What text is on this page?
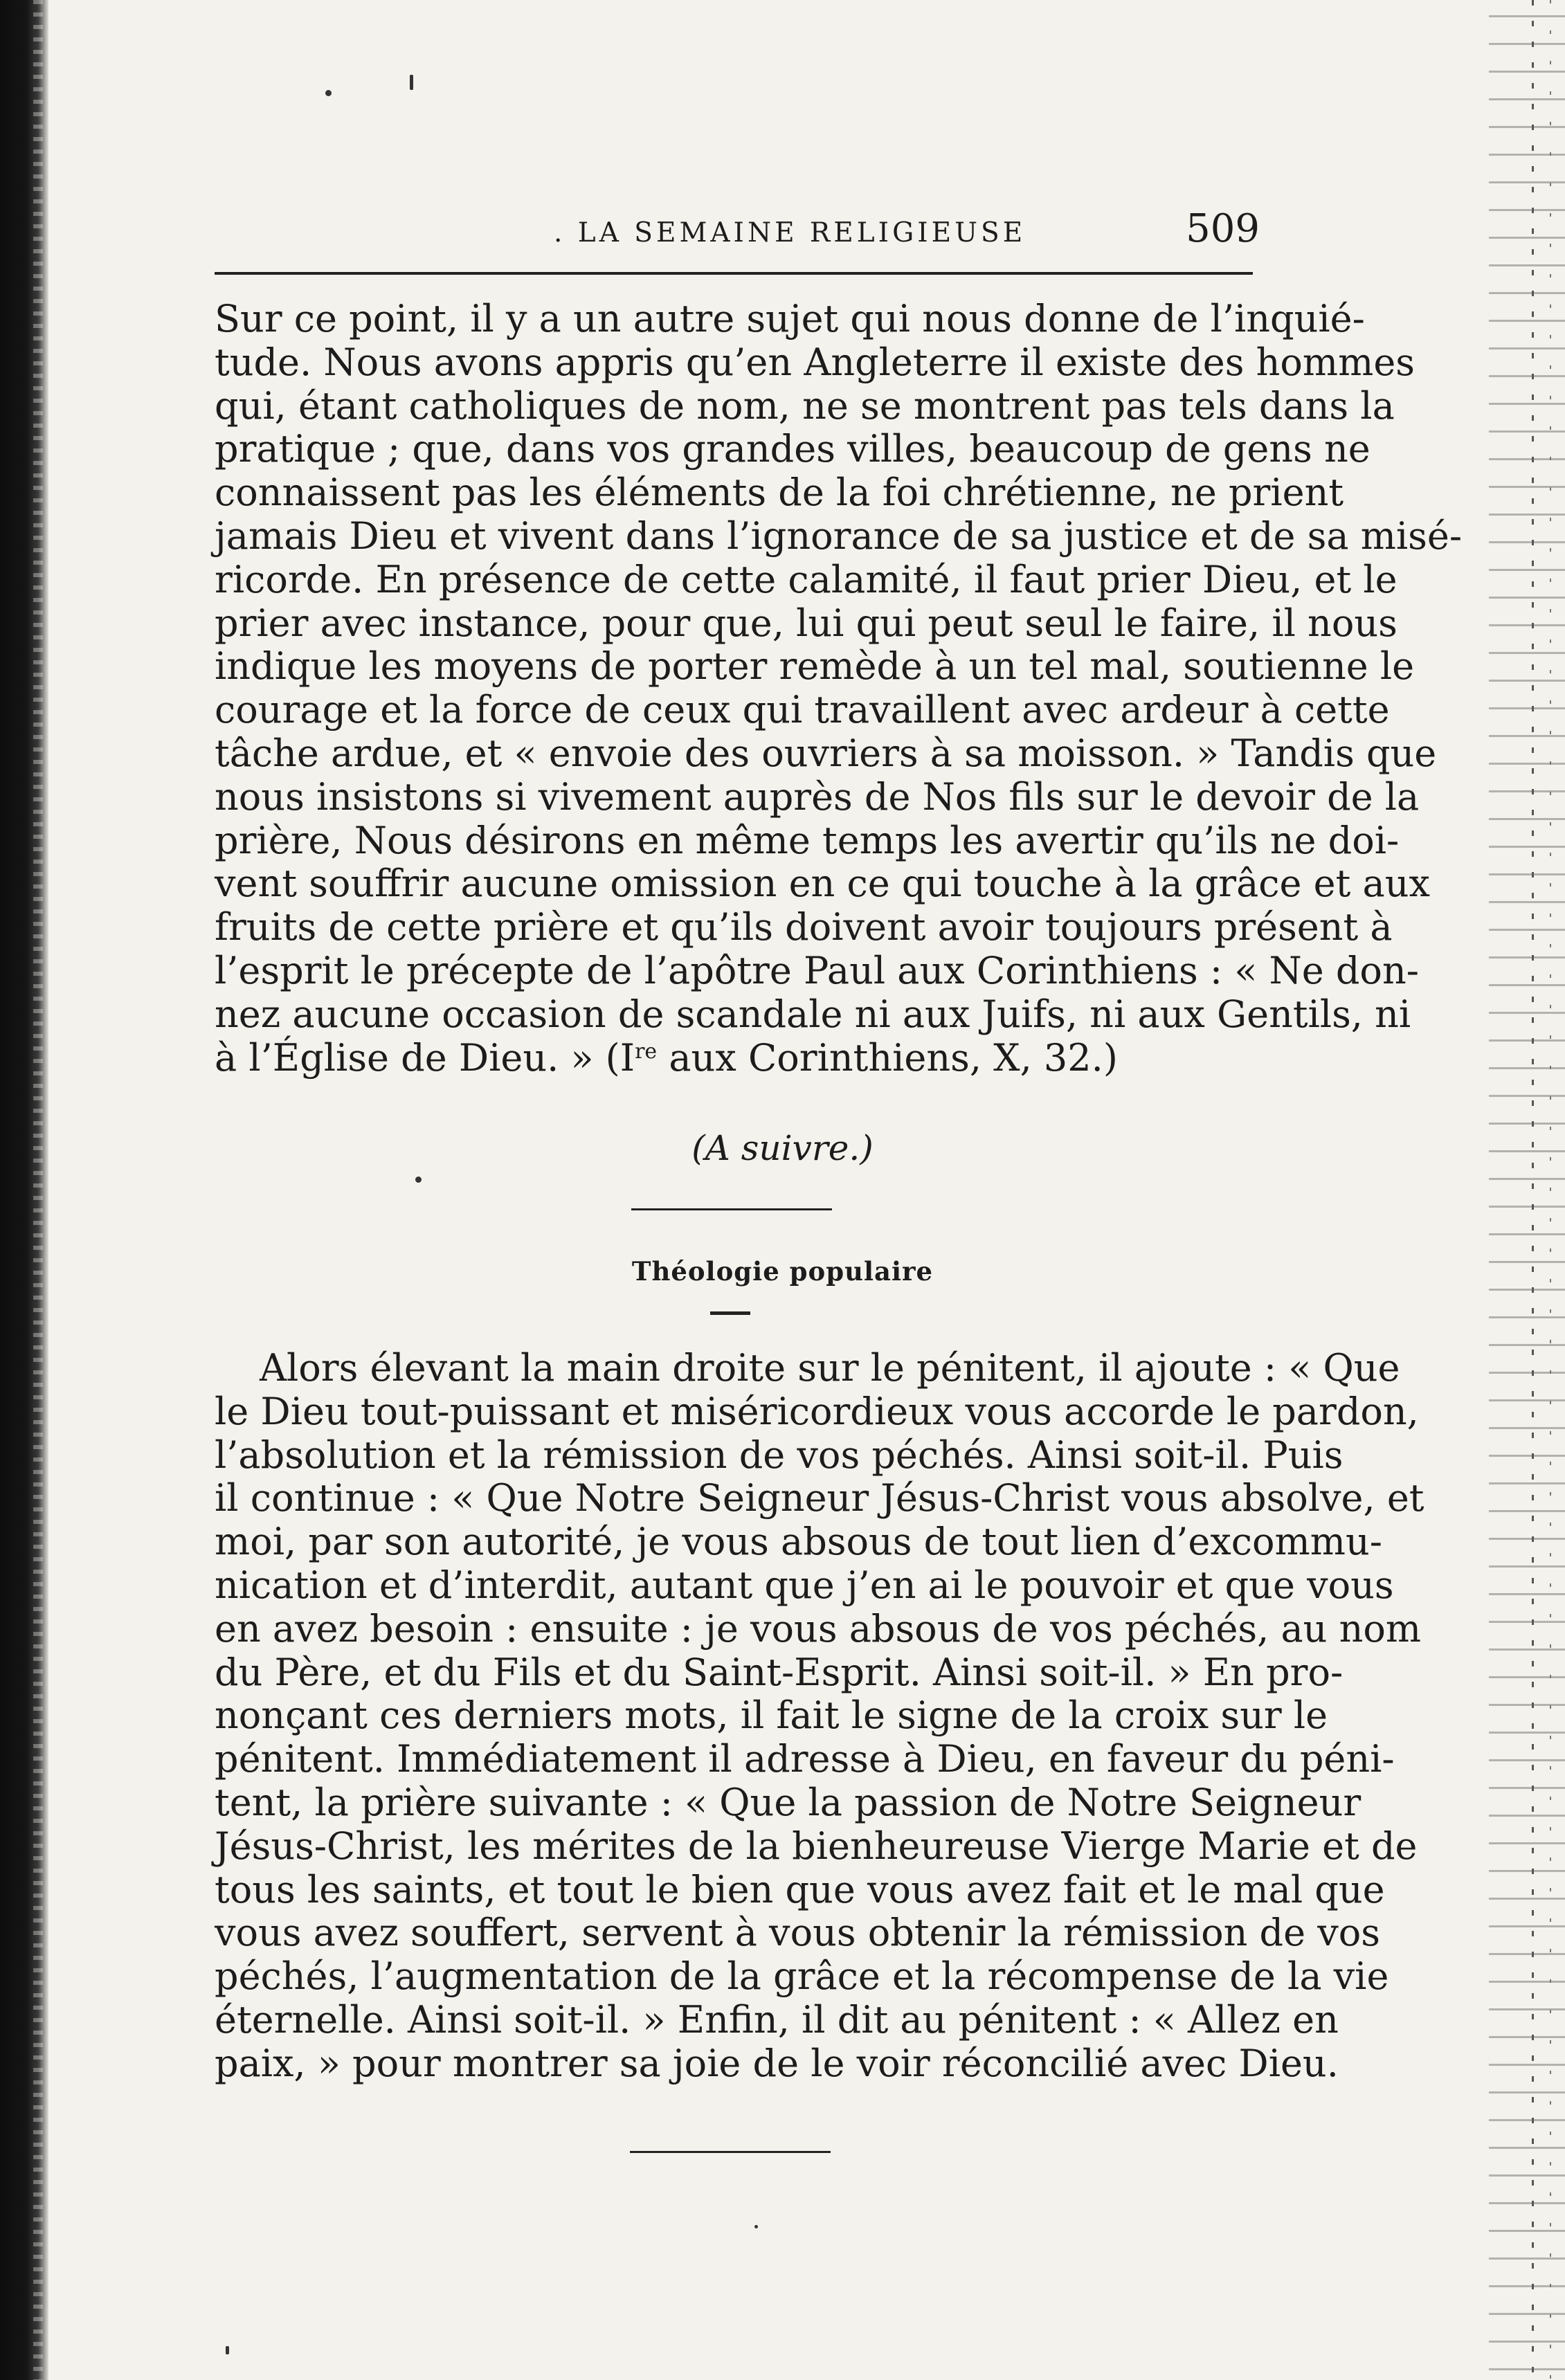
. LA SEMAINE RELIGIEUSE	509
Sur ce point, il y a un autre sujet qui nous donne de l’inquié-
tude. Nous avons appris qu’en Angleterre il existe des hommes
qui, étant catholiques de nom, ne se montrent pas tels dans la
pratique ; que, dans vos grandes villes, beaucoup de gens ne
connaissent pas les éléments de la foi chrétienne, ne prient
jamais Dieu et vivent dans l’ignorance de sa justice et de sa misé-
ricorde. En présence de cette calamité, il faut prier Dieu, et le
prier avec instance, pour que, lui qui peut seul le faire, il nous
indique les moyens de porter remède à un tel mal, soutienne le
courage et la force de ceux qui travaillent avec ardeur à cette
tâche ardue, et « envoie des ouvriers à sa moisson. » Tandis que
nous insistons si vivement auprès de Nos fils sur le devoir de la
prière, Nous désirons en même temps les avertir qu’ils ne doi-
vent souffrir aucune omission en ce qui touche à la grâce et aux
fruits de cette prière et qu’ils doivent avoir toujours présent à
l’esprit le précepte de l’apôtre Paul aux Corinthiens : « Ne don-
nez aucune occasion de scandale ni aux Juifs, ni aux Gentils, ni
à l’Église de Dieu. » (Ire aux Corinthiens, X, 32.)
(A suivre.)
Théologie populaire
Alors élevant la main droite sur le pénitent, il ajoute : « Que
le Dieu tout-puissant et miséricordieux vous accorde le pardon,
l’absolution et la rémission de vos péchés. Ainsi soit-il. Puis
il continue : « Que Notre Seigneur Jésus-Christ vous absolve, et
moi, par son autorité, je vous absous de tout lien d’excommu-
nication et d’interdit, autant que j’en ai le pouvoir et que vous
en avez besoin : ensuite : je vous absous de vos péchés, au nom
du Père, et du Fils et du Saint-Esprit. Ainsi soit-il. » En pro-
nonçant ces derniers mots, il fait le signe de la croix sur le
pénitent. Immédiatement il adresse à Dieu, en faveur du péni-
tent, la prière suivante : « Que la passion de Notre Seigneur
Jésus-Christ, les mérites de la bienheureuse Vierge Marie et de
tous les saints, et tout le bien que vous avez fait et le mal que
vous avez souffert, servent à vous obtenir la rémission de vos
péchés, l’augmentation de la grâce et la récompense de la vie
éternelle. Ainsi soit-il. » Enfin, il dit au pénitent : « Allez en
paix, » pour montrer sa joie de le voir réconcilié avec Dieu.
